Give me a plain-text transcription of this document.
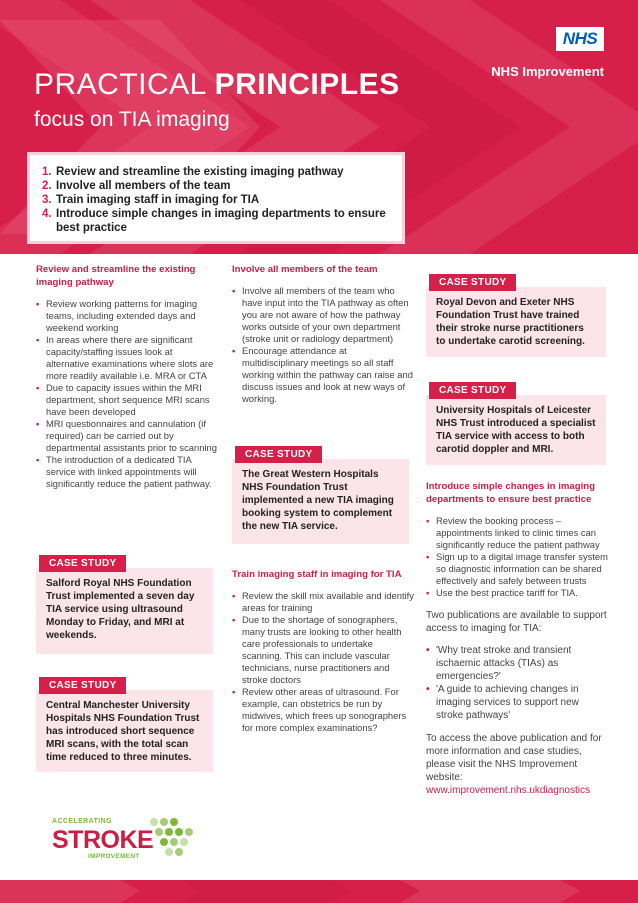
NHS
NHS Improvement
PRACTICAL PRINCIPLES
focus on TIA imaging
1. Review and streamline the existing imaging pathway
2. Involve all members of the team
3. Train imaging staff in imaging for TIA
4. Introduce simple changes in imaging departments to ensure best practice
Review and streamline the existing imaging pathway
• Review working patterns for imaging teams, including extended days and weekend working
• In areas where there are significant capacity/staffing issues look at alternative examinations where slots are more readily available i.e. MRA or CTA
• Due to capacity issues within the MRI department, short sequence MRI scans have been developed
• MRI questionnaires and cannulation (if required) can be carried out by departmental assistants prior to scanning
• The introduction of a dedicated TIA service with linked appointments will significantly reduce the patient pathway.
CASE STUDY
Salford Royal NHS Foundation Trust implemented a seven day TIA service using ultrasound Monday to Friday, and MRI at weekends.
CASE STUDY
Central Manchester University Hospitals NHS Foundation Trust has introduced short sequence MRI scans, with the total scan time reduced to three minutes.
Involve all members of the team
• Involve all members of the team who have input into the TIA pathway as often you are not aware of how the pathway works outside of your own department (stroke unit or radiology department)
• Encourage attendance at multidisciplinary meetings so all staff working within the pathway can raise and discuss issues and look at new ways of working.
CASE STUDY
The Great Western Hospitals NHS Foundation Trust implemented a new TIA imaging booking system to complement the new TIA service.
Train imaging staff in imaging for TIA
• Review the skill mix available and identify areas for training
• Due to the shortage of sonographers, many trusts are looking to other health care professionals to undertake scanning. This can include vascular technicians, nurse practitioners and stroke doctors
• Review other areas of ultrasound. For example, can obstetrics be run by midwives, which frees up sonographers for more complex examinations?
CASE STUDY
Royal Devon and Exeter NHS Foundation Trust have trained their stroke nurse practitioners to undertake carotid screening.
CASE STUDY
University Hospitals of Leicester NHS Trust introduced a specialist TIA service with access to both carotid doppler and MRI.
Introduce simple changes in imaging departments to ensure best practice
• Review the booking process – appointments linked to clinic times can significantly reduce the patient pathway
• Sign up to a digital image transfer system so diagnostic information can be shared effectively and safely between trusts
• Use the best practice tariff for TIA.

Two publications are available to support access to imaging for TIA:

• 'Why treat stroke and transient ischaemic attacks (TIAs) as emergencies?'
• 'A guide to achieving changes in imaging services to support new stroke pathways'

To access the above publication and for more information and case studies, please visit the NHS Improvement website:

www.improvement.nhs.ukdiagnostics
ACCELERATING
STROKE
IMPROVEMENT
